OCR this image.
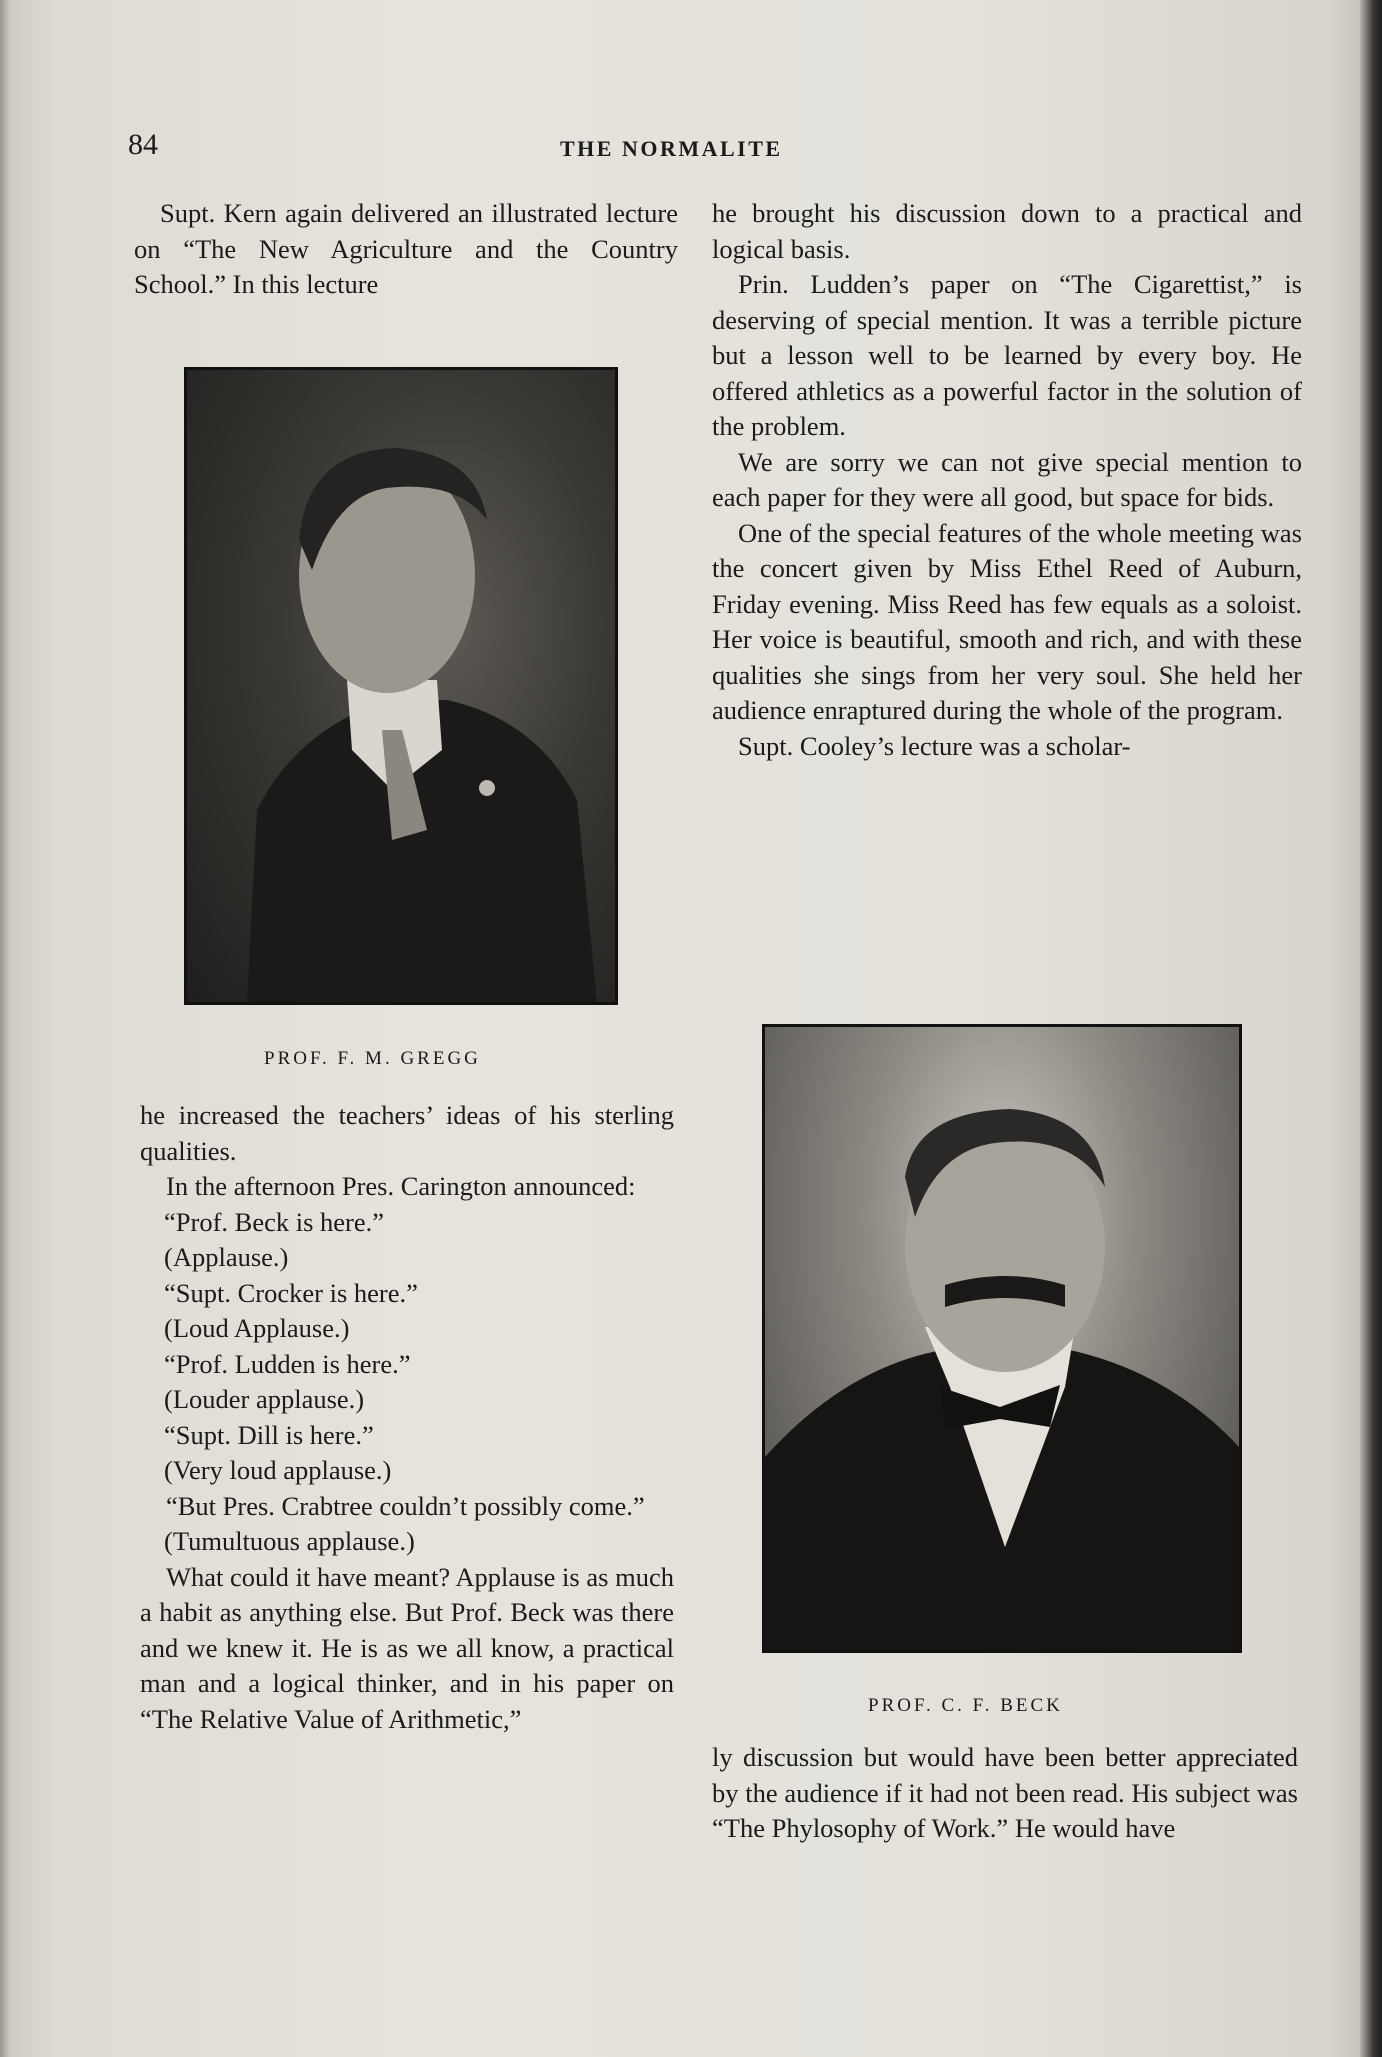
84	THE NORMALITE

Supt. Kern again delivered an illustrated lecture on “The New Agriculture and the Country School.” In this lecture

PROF. F. M. GREGG

he increased the teachers’ ideas of his sterling qualities.

In the afternoon Pres. Carington announced:

“Prof. Beck is here.”

(Applause.)

“Supt. Crocker is here.”

(Loud Applause.)

“Prof. Ludden is here.”

(Louder applause.)

“Supt. Dill is here.”

(Very loud applause.)

“But Pres. Crabtree couldn’t possibly come.”

(Tumultuous applause.)

What could it have meant? Applause is as much a habit as anything else. But Prof. Beck was there and we knew it. He is as we all know, a practical man and a logical thinker, and in his paper on “The Relative Value of Arithmetic,”

he brought his discussion down to a practical and logical basis.

Prin. Ludden’s paper on “The Cigarettist,” is deserving of special mention. It was a terrible picture but a lesson well to be learned by every boy. He offered athletics as a powerful factor in the solution of the problem.

We are sorry we can not give special mention to each paper for they were all good, but space for bids.

One of the special features of the whole meeting was the concert given by Miss Ethel Reed of Auburn, Friday evening. Miss Reed has few equals as a soloist. Her voice is beautiful, smooth and rich, and with these qualities she sings from her very soul. She held her audience enraptured during the whole of the program.

Supt. Cooley’s lecture was a scholar-

PROF. C. F. BECK

ly discussion but would have been better appreciated by the audience if it had not been read. His subject was “The Phylosophy of Work.” He would have
